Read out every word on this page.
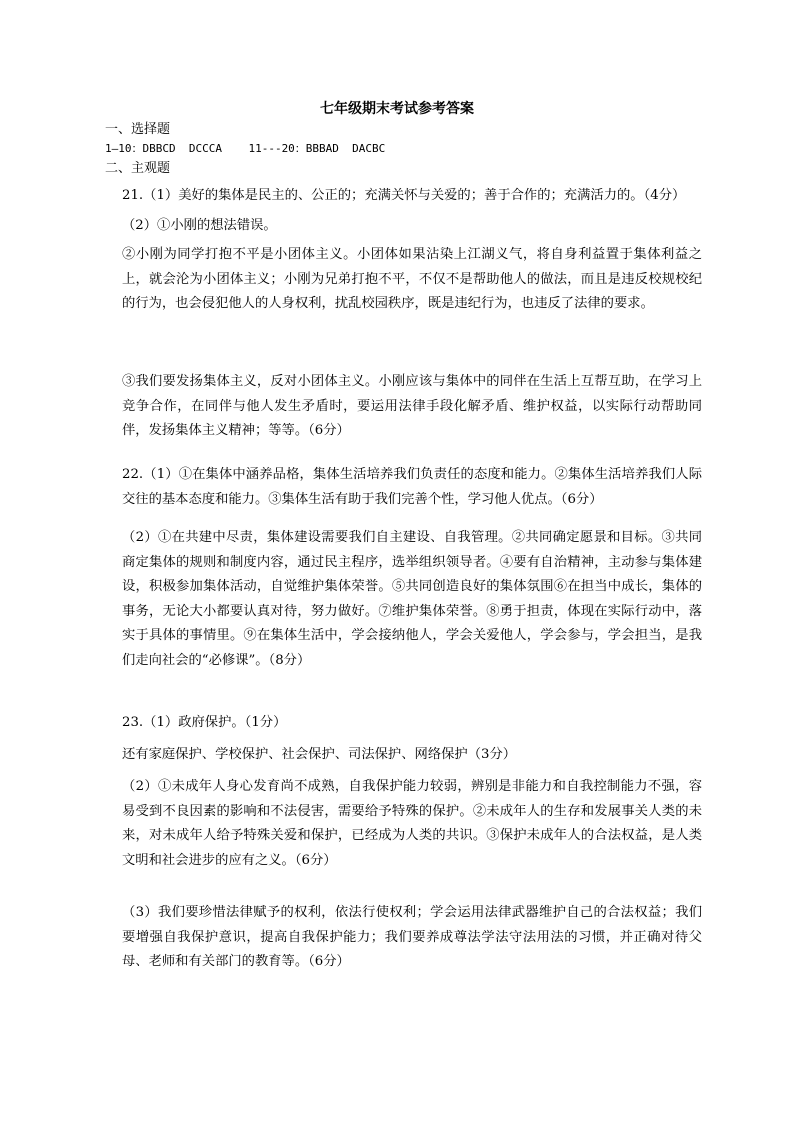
七年级期末考试参考答案
一、选择题
1—10：DBBCD  DCCCA    11---20：BBBAD  DACBC
二、主观题
21.（1）美好的集体是民主的、公正的；充满关怀与关爱的；善于合作的；充满活力的。（4分）
（2）①小刚的想法错误。
②小刚为同学打抱不平是小团体主义。小团体如果沾染上江湖义气，将自身利益置于集体利益之上，就会沦为小团体主义；小刚为兄弟打抱不平，不仅不是帮助他人的做法，而且是违反校规校纪的行为，也会侵犯他人的人身权利，扰乱校园秩序，既是违纪行为，也违反了法律的要求。
③我们要发扬集体主义，反对小团体主义。小刚应该与集体中的同伴在生活上互帮互助，在学习上竞争合作，在同伴与他人发生矛盾时，要运用法律手段化解矛盾、维护权益，以实际行动帮助同伴，发扬集体主义精神；等等。（6分）
22.（1）①在集体中涵养品格，集体生活培养我们负责任的态度和能力。②集体生活培养我们人际交往的基本态度和能力。③集体生活有助于我们完善个性，学习他人优点。（6分）
（2）①在共建中尽责，集体建设需要我们自主建设、自我管理。②共同确定愿景和目标。③共同商定集体的规则和制度内容，通过民主程序，选举组织领导者。④要有自治精神，主动参与集体建设，积极参加集体活动，自觉维护集体荣誉。⑤共同创造良好的集体氛围⑥在担当中成长，集体的事务，无论大小都要认真对待，努力做好。⑦维护集体荣誉。⑧勇于担责，体现在实际行动中，落实于具体的事情里。⑨在集体生活中，学会接纳他人，学会关爱他人，学会参与，学会担当，是我们走向社会的“必修课”。（8分）
23.（1）政府保护。（1分）
还有家庭保护、学校保护、社会保护、司法保护、网络保护（3分）
（2）①未成年人身心发育尚不成熟，自我保护能力较弱，辨别是非能力和自我控制能力不强，容易受到不良因素的影响和不法侵害，需要给予特殊的保护。②未成年人的生存和发展事关人类的未来，对未成年人给予特殊关爱和保护，已经成为人类的共识。③保护未成年人的合法权益，是人类文明和社会进步的应有之义。（6分）
（3）我们要珍惜法律赋予的权利，依法行使权利；学会运用法律武器维护自己的合法权益；我们要增强自我保护意识，提高自我保护能力；我们要养成尊法学法守法用法的习惯，并正确对待父母、老师和有关部门的教育等。（6分）
